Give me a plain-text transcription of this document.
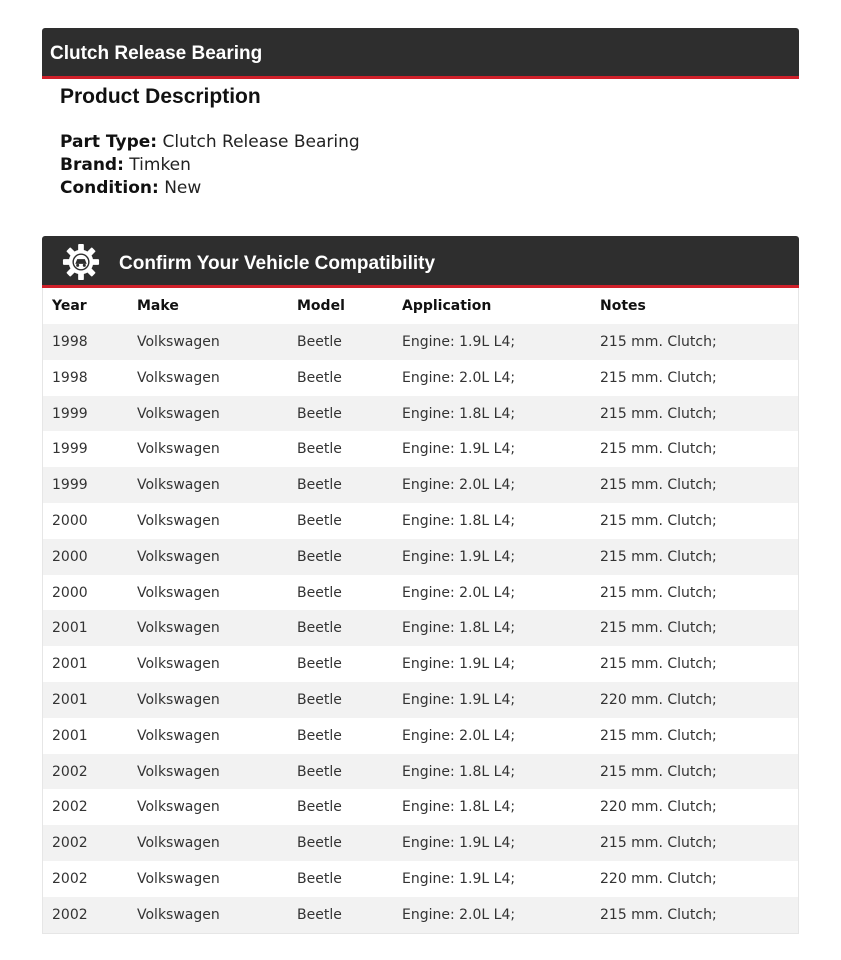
Clutch Release Bearing
Product Description
Part Type: Clutch Release Bearing
Brand: Timken
Condition: New
Confirm Your Vehicle Compatibility
Year	Make	Model	Application	Notes
1998	Volkswagen	Beetle	Engine: 1.9L L4;	215 mm. Clutch;
1998	Volkswagen	Beetle	Engine: 2.0L L4;	215 mm. Clutch;
1999	Volkswagen	Beetle	Engine: 1.8L L4;	215 mm. Clutch;
1999	Volkswagen	Beetle	Engine: 1.9L L4;	215 mm. Clutch;
1999	Volkswagen	Beetle	Engine: 2.0L L4;	215 mm. Clutch;
2000	Volkswagen	Beetle	Engine: 1.8L L4;	215 mm. Clutch;
2000	Volkswagen	Beetle	Engine: 1.9L L4;	215 mm. Clutch;
2000	Volkswagen	Beetle	Engine: 2.0L L4;	215 mm. Clutch;
2001	Volkswagen	Beetle	Engine: 1.8L L4;	215 mm. Clutch;
2001	Volkswagen	Beetle	Engine: 1.9L L4;	215 mm. Clutch;
2001	Volkswagen	Beetle	Engine: 1.9L L4;	220 mm. Clutch;
2001	Volkswagen	Beetle	Engine: 2.0L L4;	215 mm. Clutch;
2002	Volkswagen	Beetle	Engine: 1.8L L4;	215 mm. Clutch;
2002	Volkswagen	Beetle	Engine: 1.8L L4;	220 mm. Clutch;
2002	Volkswagen	Beetle	Engine: 1.9L L4;	215 mm. Clutch;
2002	Volkswagen	Beetle	Engine: 1.9L L4;	220 mm. Clutch;
2002	Volkswagen	Beetle	Engine: 2.0L L4;	215 mm. Clutch;
